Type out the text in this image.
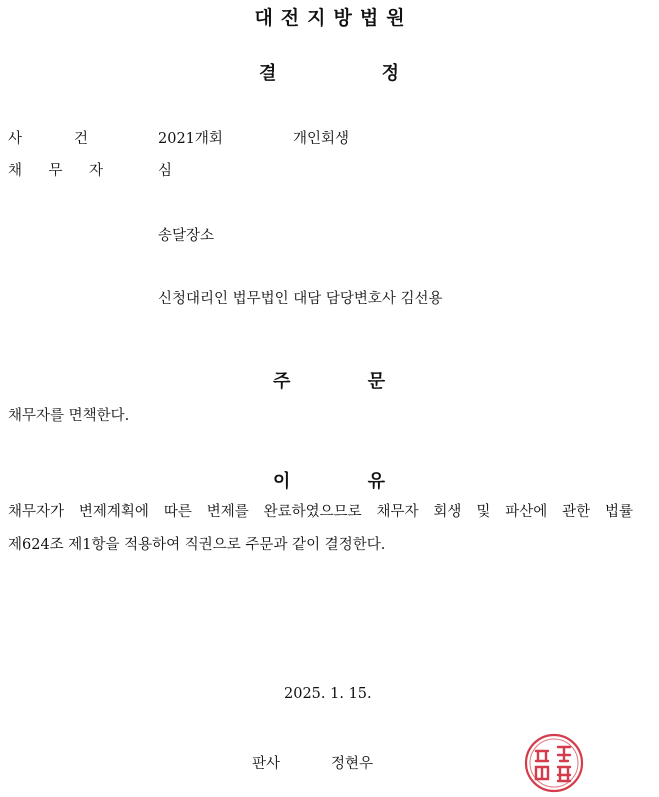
대전지방법원
결	정
사	건	2021개회	개인회생
채 무 자	심
송달장소
신청대리인 법무법인 대담 담당변호사 김선용
주	문
채무자를 면책한다.
이	유
채무자가 변제계획에 따른 변제를 완료하였으므로 채무자 회생 및 파산에 관한 법률
제624조 제1항을 적용하여 직권으로 주문과 같이 결정한다.
2025. 1. 15.
판사	정현우
